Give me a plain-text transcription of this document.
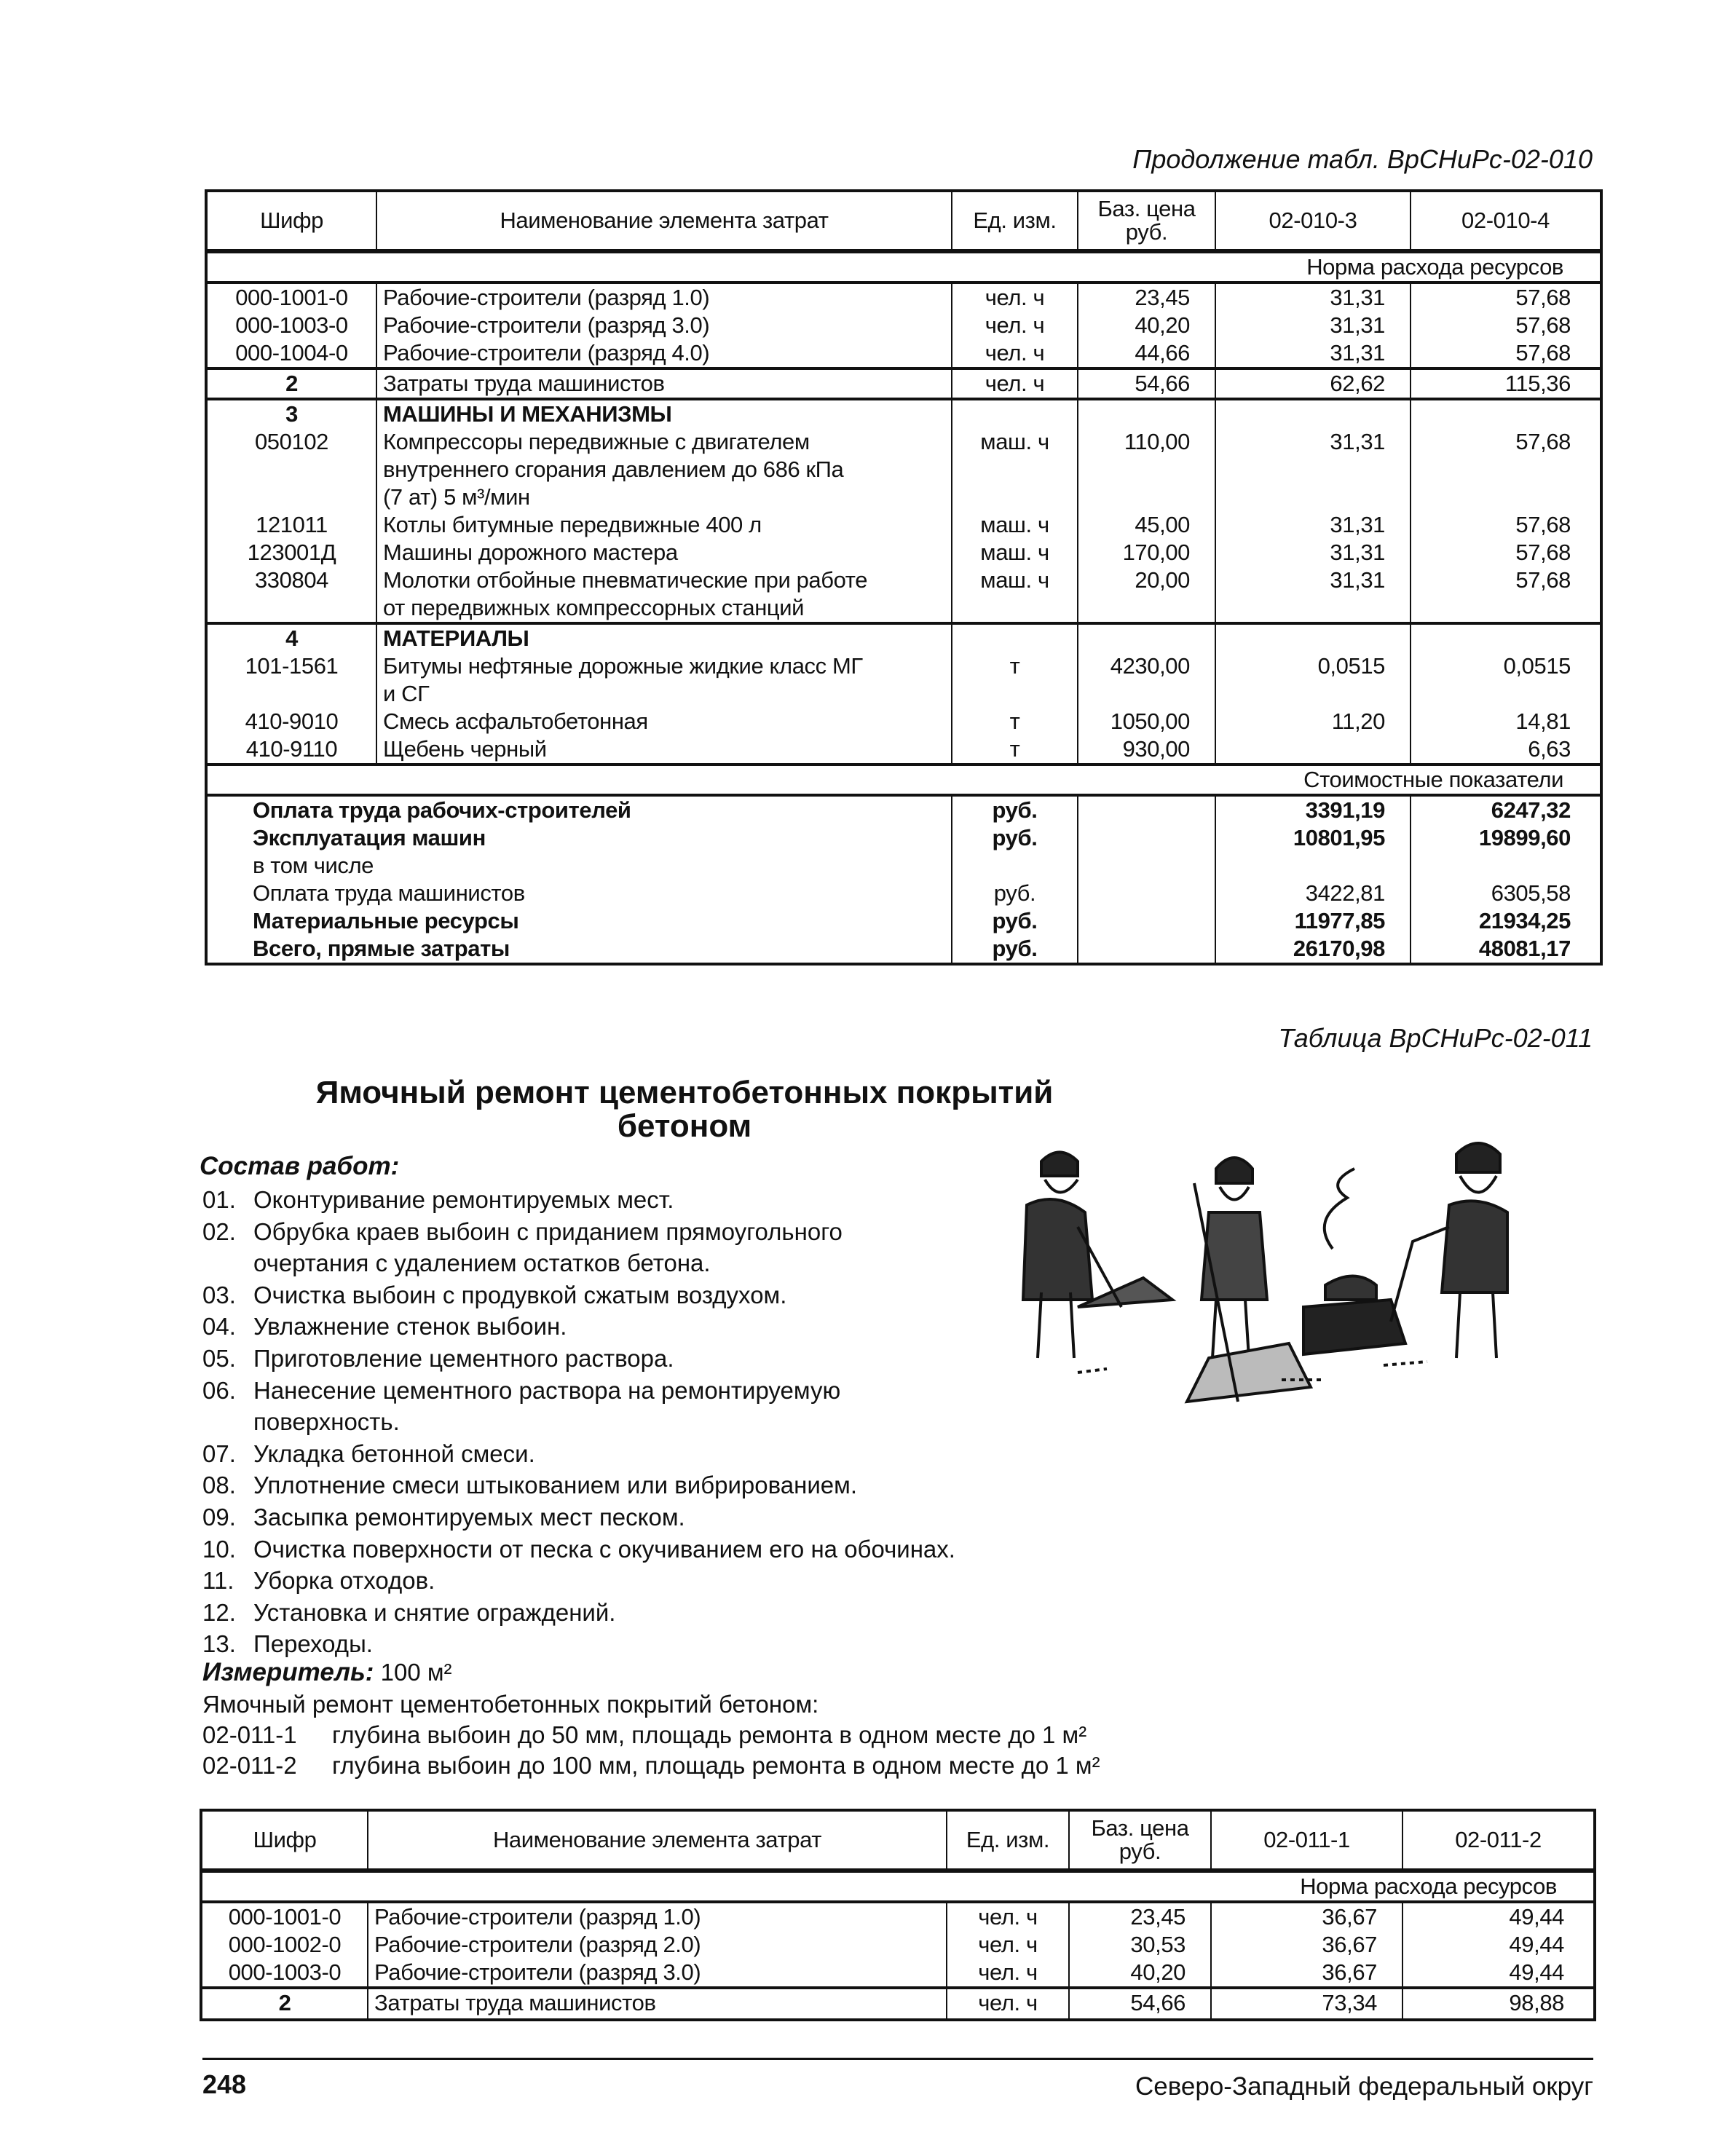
Продолжение табл. ВрСНиРс-02-010
Шифр	Наименование элемента затрат	Ед. изм.	Баз. цена руб.	02-010-3	02-010-4
Норма расхода ресурсов					
000-1001-0	Рабочие-строители (разряд 1.0)	чел. ч	23,45	31,31	57,68
000-1003-0	Рабочие-строители (разряд 3.0)	чел. ч	40,20	31,31	57,68
000-1004-0	Рабочие-строители (разряд 4.0)	чел. ч	44,66	31,31	57,68
2	Затраты труда машинистов	чел. ч	54,66	62,62	115,36
3	МАШИНЫ И МЕХАНИЗМЫ				
050102	Компрессоры передвижные с двигателем
внутреннего сгорания давлением до 686 кПа
(7 ат) 5 м³/мин	маш. ч	110,00	31,31	57,68
121011	Котлы битумные передвижные 400 л	маш. ч	45,00	31,31	57,68
123001Д	Машины дорожного мастера	маш. ч	170,00	31,31	57,68
330804	Молотки отбойные пневматические при работе
от передвижных компрессорных станций	маш. ч	20,00	31,31	57,68
4	МАТЕРИАЛЫ				
101-1561	Битумы нефтяные дорожные жидкие класс МГ
и СГ	т	4230,00	0,0515	0,0515
410-9010	Смесь асфальтобетонная	т	1050,00	11,20	14,81
410-9110	Щебень черный	т	930,00		6,63
Стоимостные показатели					
Оплата труда рабочих-строителей		руб.		3391,19	6247,32
Эксплуатация машин		руб.		10801,95	19899,60
в том числе					
Оплата труда машинистов		руб.		3422,81	6305,58
Материальные ресурсы		руб.		11977,85	21934,25
Всего, прямые затраты		руб.		26170,98	48081,17
Таблица ВрСНиРс-02-011
Ямочный ремонт цементобетонных покрытий
бетоном
Состав работ:
01. Оконтуривание ремонтируемых мест.
02. Обрубка краев выбоин с приданием прямоугольного
очертания с удалением остатков бетона.
03. Очистка выбоин с продувкой сжатым воздухом.
04. Увлажнение стенок выбоин.
05. Приготовление цементного раствора.
06. Нанесение цементного раствора на ремонтируемую
поверхность.
07. Укладка бетонной смеси.
08. Уплотнение смеси штыкованием или вибрированием.
09. Засыпка ремонтируемых мест песком.
10. Очистка поверхности от песка с окучиванием его на обочинах.
11. Уборка отходов.
12. Установка и снятие ограждений.
13. Переходы.
Измеритель: 100 м²
Ямочный ремонт цементобетонных покрытий бетоном:
02-011-1	глубина выбоин до 50 мм, площадь ремонта в одном месте до 1 м²
02-011-2	глубина выбоин до 100 мм, площадь ремонта в одном месте до 1 м²
Шифр	Наименование элемента затрат	Ед. изм.	Баз. цена руб.	02-011-1	02-011-2
Норма расхода ресурсов					
000-1001-0	Рабочие-строители (разряд 1.0)	чел. ч	23,45	36,67	49,44
000-1002-0	Рабочие-строители (разряд 2.0)	чел. ч	30,53	36,67	49,44
000-1003-0	Рабочие-строители (разряд 3.0)	чел. ч	40,20	36,67	49,44
2	Затраты труда машинистов	чел. ч	54,66	73,34	98,88
248	Северо-Западный федеральный округ
